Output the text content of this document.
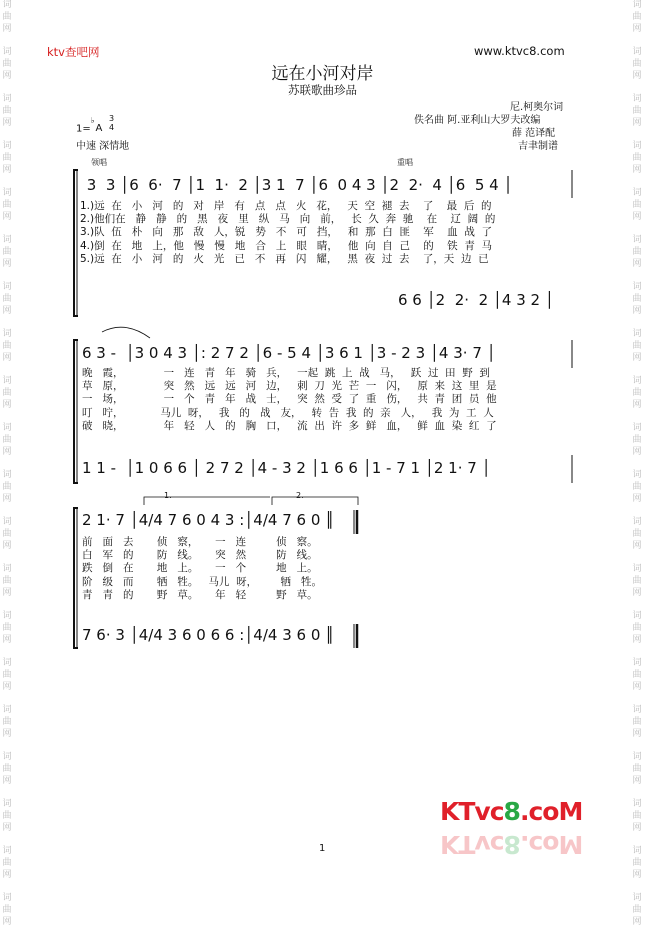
词
曲
网
词
曲
网
词
曲
网
词
曲
网
词
曲
网
词
曲
网
词
曲
网
词
曲
网
词
曲
网
词
曲
网
词
曲
网
词
曲
网
词
曲
网
词
曲
网
词
曲
网
词
曲
网
词
曲
网
词
曲
网
词
曲
网
词
曲
网
词
曲
网
词
曲
网
词
曲
网
词
曲
网
词
曲
网
词
曲
网
词
曲
网
词
曲
网
词
曲
网
词
曲
网
词
曲
网
词
曲
网
词
曲
网
词
曲
网
词
曲
网
词
曲
网
词
曲
网
词
曲
网
词
曲
网
词
曲
网
ktv查吧网	www.ktvc8.com
远在小河对岸
苏联歌曲珍品
尼.柯奥尔词
佚名曲 阿.亚利山大罗夫改编
薛 范译配
吉聿制谱
1=♭A
3
4
中速 深情地
领唱	重唱
3  3 │6  6·  7 │1  1·  2 │3 1  7 │6  0 4 3 │2  2·  4 │6  5 4 │
1.)远  在   小   河   的   对   岸   有   点   点   火   花，   天  空  褪  去    了    最  后  的
2.)他们在   静   静   的   黑   夜   里   纵   马   向   前，   长  久  奔  驰    在    辽  阔  的
3.)队  伍   朴   向   那   敌   人，锐   势   不   可   挡，   和  那  白  匪    军    血  战  了
4.)倒  在   地   上，他   慢   慢   地   合   上   眼   睛，   他  向  自  己    的    铁  青  马
5.)远  在   小   河   的   火   光   已   不   再   闪   耀，   黑  夜  过  去    了，天  边  已
6 6 │2  2·  2 │4 3 2 │
6 3 -  │3 0 4 3 │: 2 7 2 │6 - 5 4 │3 6 1 │3 - 2 3 │4 3· 7 │
晚   霞，            一   连   青   年   骑   兵，   一起  跳  上  战   马，   跃  过  田  野  到
草   原，            突   然   远   远   河   边，   刺  刀  光  芒  一   闪，   原  来  这  里  是
一   场，            一   个   青   年   战   士，   突  然  受  了  重   伤，   共  青  团  员  他
叮   咛，           马儿  呀，   我   的   战   友，   转  告  我  的  亲   人，   我  为  工  人
破   晓，            年   轻   人   的   胸   口，   流  出  许  多  鲜   血，   鲜  血  染  红  了
1 1 -  │1 0 6 6 │ 2 7 2 │4 - 3 2 │1 6 6 │1 - 7 1 │2 1· 7 │
1.	2.
2 1· 7 │4/4 7 6 0 4 3 :│4/4 7 6 0 ║
前   面   去       侦   察，     一   连         侦   察。
白   军   的       防   线。     突   然         防   线。
跌   倒   在       地   上。     一   个         地   上。
阶   级   而       牺   牲。   马儿  呀，       牺   牲。
青   青   的       野   草。     年   轻         野   草。
7 6· 3 │4/4 3 6 0 6 6 :│4/4 3 6 0 ║
KTvc8.coM
KTvc8.coM
1
